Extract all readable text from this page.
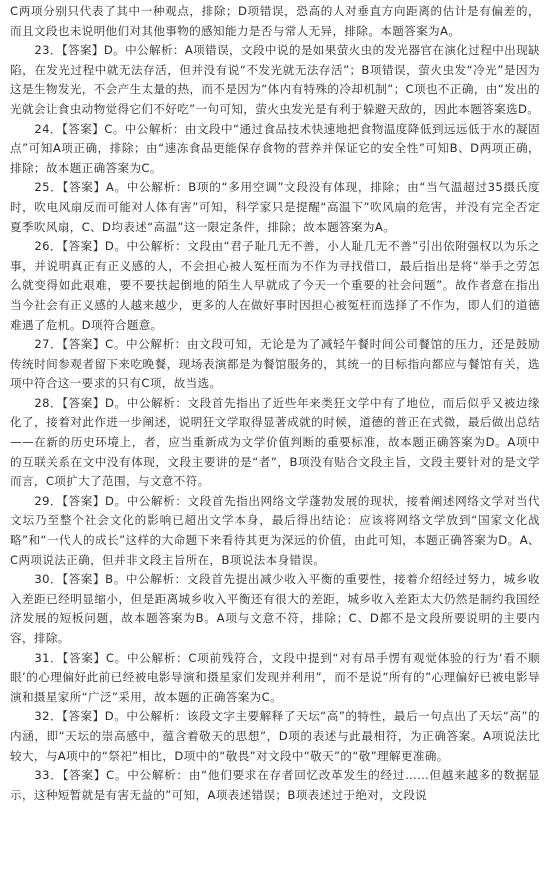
C两项分别只代表了其中一种观点，排除；D项错误，恐高的人对垂直方向距离的估计是有偏差的，而且文段也未说明他们对其他事物的感知能力是否与常人无异，排除。本题答案为A。

23．【答案】D。中公解析：A项错误，文段中说的是如果萤火虫的发光器官在演化过程中出现缺陷，在发光过程中就无法存活，但并没有说“不发光就无法存活”；B项错误，萤火虫发“冷光”是因为这是生物发光，不会产生太量的热，而不是因为“体内有特殊的冷却机制”；C项也不正确，由“发出的光就会让食虫动物觉得它们不好吃”一句可知，萤火虫发光是有利于躲避天敌的，因此本题答案选D。

24．【答案】C。中公解析：由文段中“通过食品技术快速地把食物温度降低到远远低于水的凝固点”可知A项正确，排除；由“速冻食品更能保存食物的营养并保证它的安全性”可知B、D两项正确，排除；故本题正确答案为C。

25．【答案】A。中公解析：B项的“多用空调”文段没有体现，排除；由“当气温超过35摄氏度时，吹电风扇反而可能对人体有害”可知，科学家只是提醒“高温下”吹风扇的危害，并没有完全否定夏季吹风扇，C、D均表述“高温”这一限定条件，排除；故本题答案为A。

26．【答案】D。中公解析：文段由“君子耻几无不善，小人耻几无不善”引出依附强权以为乐之事，并说明真正有正义感的人，不会担心被人冤枉而为不作为寻找借口，最后指出是将“举手之劳怎么就变得如此艰难，要不要扶起倒地的陌生人早就成了今天一个重要的社会问题”。故作者意在指出当今社会有正义感的人越来越少，更多的人在做好事时因担心被冤枉而选择了不作为，即人们的道德难遇了危机。D项符合题意。

27．【答案】C。中公解析：由文段可知，无论是为了减轻午餐时间公司餐馆的压力，还是鼓励传统时间参观者留下来吃晚餐，现场表演都是为餐馆服务的，其统一的目标指向都应与餐馆有关，选项中符合这一要求的只有C项，故当选。

28．【答案】D。中公解析：文段首先指出了近些年来类狂文学中有了地位，而后似乎又被边缘化了，接着对此作进一步阐述，说明狂文学取得显著成就的时候，道德的普正在式微，最后做出总结——在新的历史环境上，者，应当重新成为文学价值判断的重要标准，故本题正确答案为D。A项中的互联关系在文中没有体现，文段主要讲的是“者”，B项没有贴合文段主旨，文段主要针对的是文学而言，C项扩大了范围，与文意不符。

29．【答案】D。中公解析：文段首先指出网络文学蓬勃发展的现状，接着阐述网络文学对当代文坛乃至整个社会文化的影响已超出文学本身，最后得出结论：应该将网络文学放到“国家文化战略”和“一代人的成长”这样的大命题下来看待其更为深远的价值，由此可知，本题正确答案为D。A、C两项说法正确，但并非文段主旨所在，B项说法本身错误。

30．【答案】B。中公解析：文段首先提出减少收入平衡的重要性，接着介绍经过努力，城乡收入差距已经明显缩小，但是距离城乡收入平衡还有很大的差距，城乡收入差距太大仍然是制约我国经济发展的短板问题，故本题答案为B。A项与文意不符，排除；C、D都不是文段所要说明的主要内容，排除。

31．【答案】C。中公解析：C项前残符合，文段中提到“对有昂手愣有观觉体验的行为‘看不顺眼’的心理偏好此前已经被电影导演和摄星家们发现并利用”，而不是说“所有的”心理偏好已被电影导演和摄星家所“广泛”采用，故本题的正确答案为C。

32．【答案】D。中公解析：该段文字主要解释了天坛“高”的特性，最后一句点出了天坛“高”的内涵，即“天坛的崇高感中，蕴含着敬天的思想”，D项的表述与此最相符，为正确答案。A项说法比较大，与A项中的“祭祀”相比，D项中的“敬畏”对文段中“敬天”的“敬”理解更准确。

33．【答案】C。中公解析：由“他们要求在存者回忆改革发生的经过……但越来越多的数据显示，这种短暂就是有害无益的”可知，A项表述错误；B项表述过于绝对，文段说
